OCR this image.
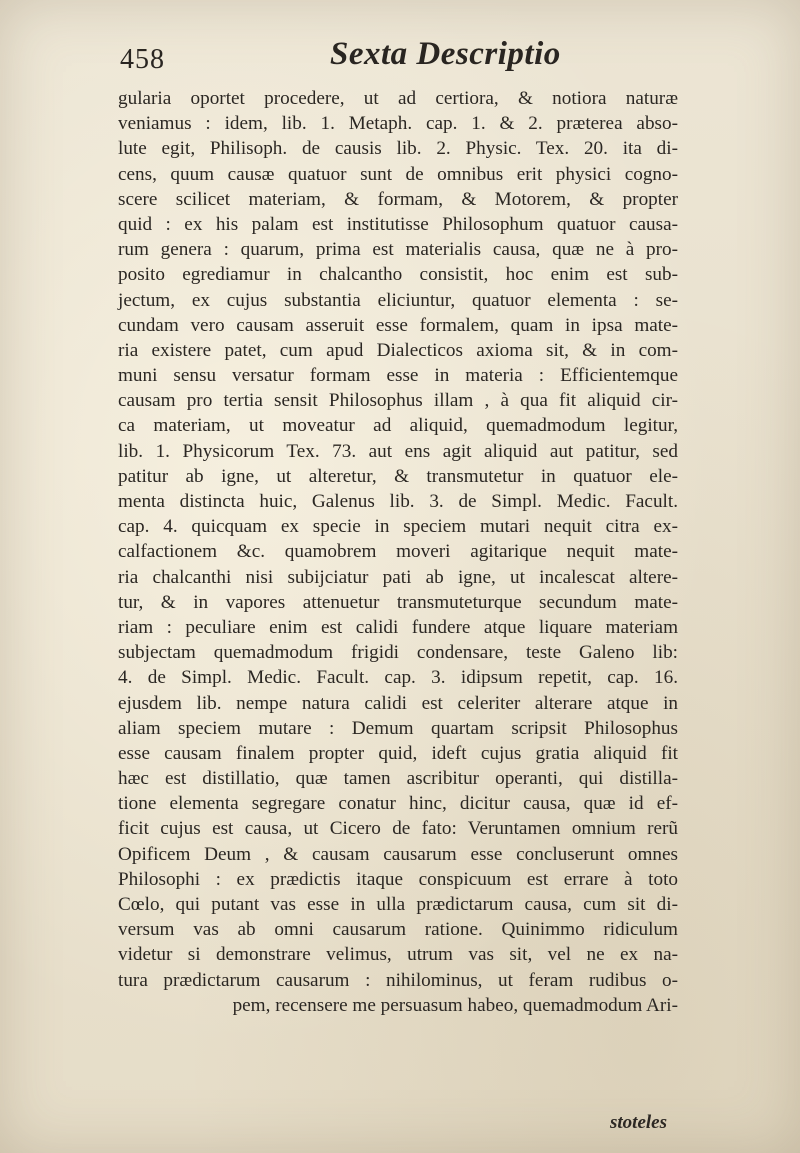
458	Sexta Descriptio
gularia oportet procedere, ut ad certiora, & notiora naturæ
veniamus : idem, lib. 1. Metaph. cap. 1. & 2. præterea abso-
lute egit, Philisoph. de causis lib. 2. Physic. Tex. 20. ita di-
cens, quum causæ quatuor sunt de omnibus erit physici cogno-
scere scilicet materiam, & formam, & Motorem, & propter
quid : ex his palam est institutisse Philosophum quatuor causa-
rum genera : quarum, prima est materialis causa, quæ ne à pro-
posito egrediamur in chalcantho consistit, hoc enim est sub-
jectum, ex cujus substantia eliciuntur, quatuor elementa : se-
cundam vero causam asseruit esse formalem, quam in ipsa mate-
ria existere patet, cum apud Dialecticos axioma sit, & in com-
muni sensu versatur formam esse in materia : Efficientemque
causam pro tertia sensit Philosophus illam , à qua fit aliquid cir-
ca materiam, ut moveatur ad aliquid, quemadmodum legitur,
lib. 1. Physicorum Tex. 73. aut ens agit aliquid aut patitur, sed
patitur ab igne, ut alteretur, & transmutetur in quatuor ele-
menta distincta huic, Galenus lib. 3. de Simpl. Medic. Facult.
cap. 4. quicquam ex specie in speciem mutari nequit citra ex-
calfactionem &c. quamobrem moveri agitarique nequit mate-
ria chalcanthi nisi subijciatur pati ab igne, ut incalescat altere-
tur, & in vapores attenuetur transmuteturque secundum mate-
riam : peculiare enim est calidi fundere atque liquare materiam
subjectam quemadmodum frigidi condensare, teste Galeno lib:
4. de Simpl. Medic. Facult. cap. 3. idipsum repetit, cap. 16.
ejusdem lib. nempe natura calidi est celeriter alterare atque in
aliam speciem mutare : Demum quartam scripsit Philosophus
esse causam finalem propter quid, ideft cujus gratia aliquid fit
hæc est distillatio, quæ tamen ascribitur operanti, qui distilla-
tione elementa segregare conatur hinc, dicitur causa, quæ id ef-
ficit cujus est causa, ut Cicero de fato: Veruntamen omnium rerũ
Opificem Deum , & causam causarum esse concluserunt omnes
Philosophi : ex prædictis itaque conspicuum est errare à toto
Cœlo, qui putant vas esse in ulla prædictarum causa, cum sit di-
versum vas ab omni causarum ratione. Quinimmo ridiculum
videtur si demonstrare velimus, utrum vas sit, vel ne ex na-
tura prædictarum causarum : nihilominus, ut feram rudibus o-
pem, recensere me persuasum habeo, quemadmodum Ari-
stoteles
